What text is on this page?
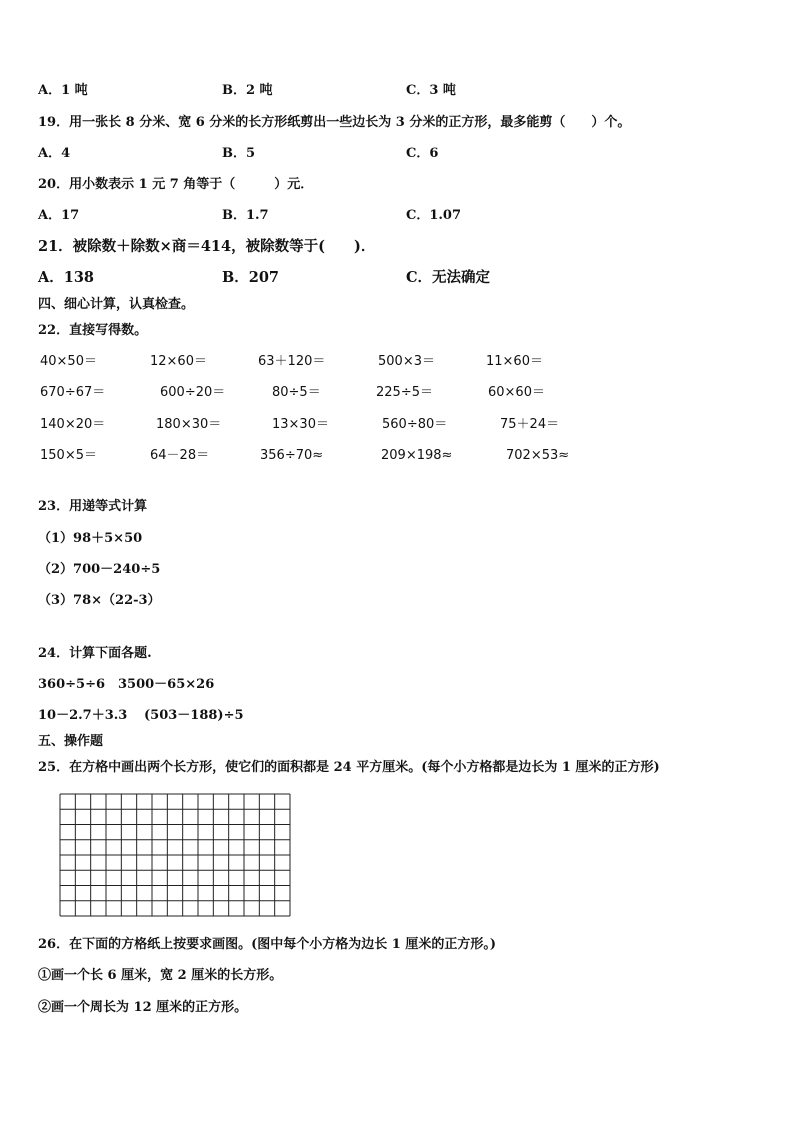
A．1 吨	B．2 吨	C．3 吨
19．用一张长 8 分米、宽 6 分米的长方形纸剪出一些边长为 3 分米的正方形，最多能剪（　　）个。
A．4	B．5	C．6
20．用小数表示 1 元 7 角等于（　　　）元．
A．17	B．1.7	C．1.07
21．被除数＋除数×商＝414，被除数等于(　　)．
A．138	B．207	C．无法确定
四、细心计算，认真检查。
22．直接写得数。
40×50＝	12×60＝	63＋120＝	500×3＝	11×60＝
670÷67＝	600÷20＝	80÷5＝	225÷5＝	60×60＝
140×20＝	180×30＝	13×30＝	560÷80＝	75＋24＝
150×5＝	64－28＝	356÷70≈	209×198≈	702×53≈
23．用递等式计算
（1）98＋5×50
（2）700－240÷5
（3）78×（22-3）
24．计算下面各题.
360÷5÷6 3500－65×26
10－2.7＋3.3 (503－188)÷5
五、操作题
25．在方格中画出两个长方形，使它们的面积都是 24 平方厘米。(每个小方格都是边长为 1 厘米的正方形)
26．在下面的方格纸上按要求画图。(图中每个小方格为边长 1 厘米的正方形。)
①画一个长 6 厘米，宽 2 厘米的长方形。
②画一个周长为 12 厘米的正方形。
